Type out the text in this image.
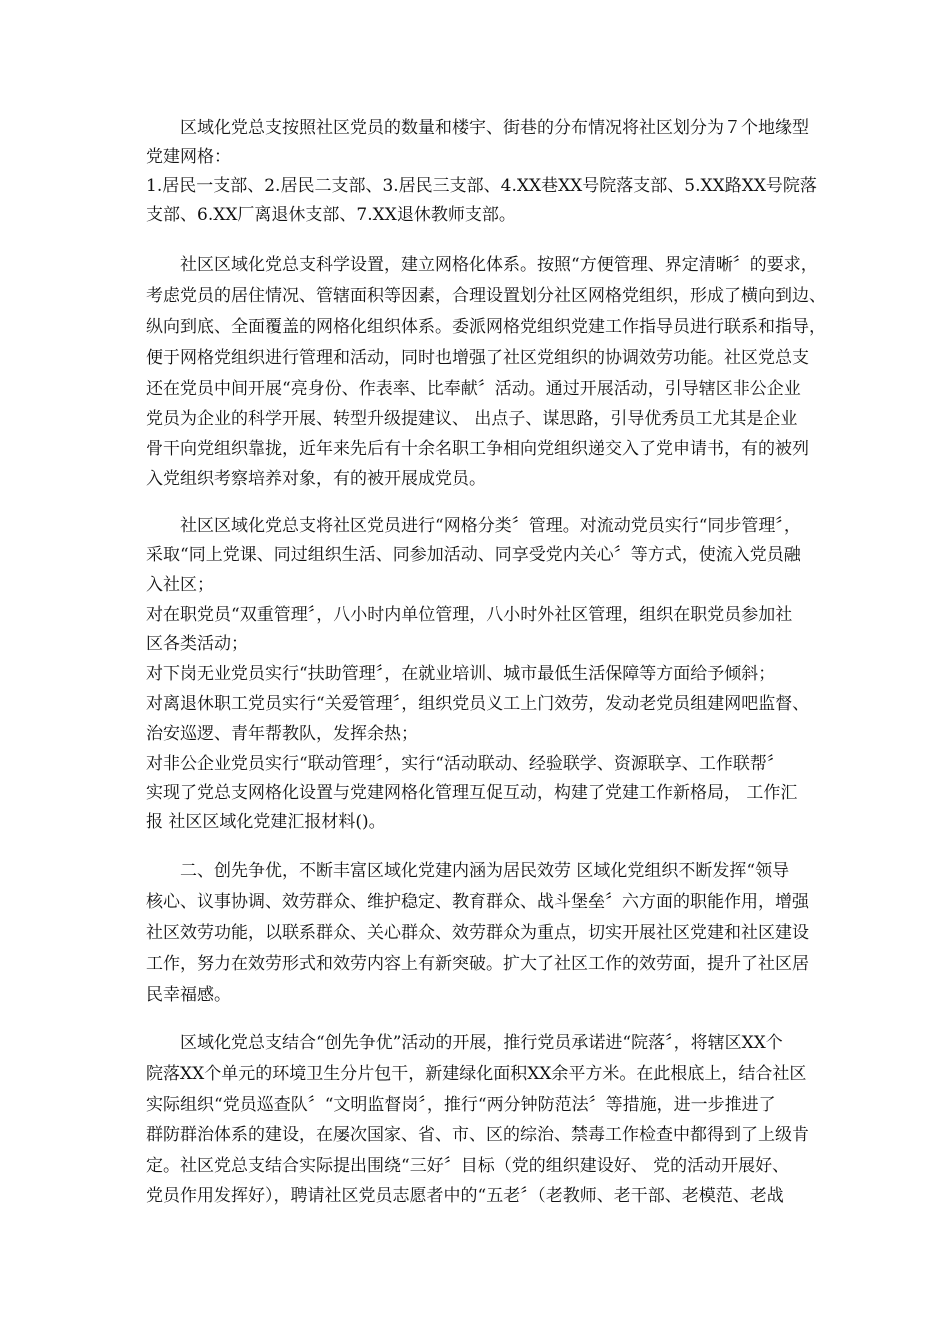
区域化党总支按照社区党员的数量和楼宇、街巷的分布情况将社区划分为７个地缘型
党建网格：
1.居民一支部、2.居民二支部、3.居民三支部、4.XX巷XX号院落支部、5.XX路XX号院落
支部、6.XX厂离退休支部、7.XX退休教师支部。
社区区域化党总支科学设置，建立网格化体系。按照“方便管理、界定清晰〞的要求，
考虑党员的居住情况、管辖面积等因素，合理设置划分社区网格党组织，形成了横向到边、
纵向到底、全面覆盖的网格化组织体系。委派网格党组织党建工作指导员进行联系和指导，
便于网格党组织进行管理和活动，同时也增强了社区党组织的协调效劳功能。社区党总支
还在党员中间开展“亮身份、作表率、比奉献〞活动。通过开展活动，引导辖区非公企业
党员为企业的科学开展、转型升级提建议、 出点子、谋思路，引导优秀员工尤其是企业
骨干向党组织靠拢，近年来先后有十余名职工争相向党组织递交入了党申请书，有的被列
入党组织考察培养对象，有的被开展成党员。
社区区域化党总支将社区党员进行“网格分类〞管理。对流动党员实行“同步管理〞，
采取“同上党课、同过组织生活、同参加活动、同享受党内关心〞等方式，使流入党员融
入社区；
对在职党员“双重管理〞，八小时内单位管理，八小时外社区管理，组织在职党员参加社
区各类活动；
对下岗无业党员实行“扶助管理〞，在就业培训、城市最低生活保障等方面给予倾斜；
对离退休职工党员实行“关爱管理〞，组织党员义工上门效劳，发动老党员组建网吧监督、
治安巡逻、青年帮教队，发挥余热；
对非公企业党员实行“联动管理〞，实行“活动联动、经验联学、资源联享、工作联帮〞
实现了党总支网格化设置与党建网格化管理互促互动，构建了党建工作新格局， 工作汇
报 社区区域化党建汇报材料()。
二、创先争优，不断丰富区域化党建内涵为居民效劳 区域化党组织不断发挥“领导
核心、议事协调、效劳群众、维护稳定、教育群众、战斗堡垒〞六方面的职能作用，增强
社区效劳功能，以联系群众、关心群众、效劳群众为重点，切实开展社区党建和社区建设
工作，努力在效劳形式和效劳内容上有新突破。扩大了社区工作的效劳面，提升了社区居
民幸福感。
区域化党总支结合“创先争优”活动的开展，推行党员承诺进“院落〞，将辖区XX个
院落XX个单元的环境卫生分片包干，新建绿化面积XX余平方米。在此根底上，结合社区
实际组织“党员巡查队〞“文明监督岗〞，推行“两分钟防范法〞等措施，进一步推进了
群防群治体系的建设，在屡次国家、省、市、区的综治、禁毒工作检查中都得到了上级肯
定。社区党总支结合实际提出围绕“三好〞目标（党的组织建设好、 党的活动开展好、
党员作用发挥好），聘请社区党员志愿者中的“五老〞（老教师、老干部、老模范、老战
